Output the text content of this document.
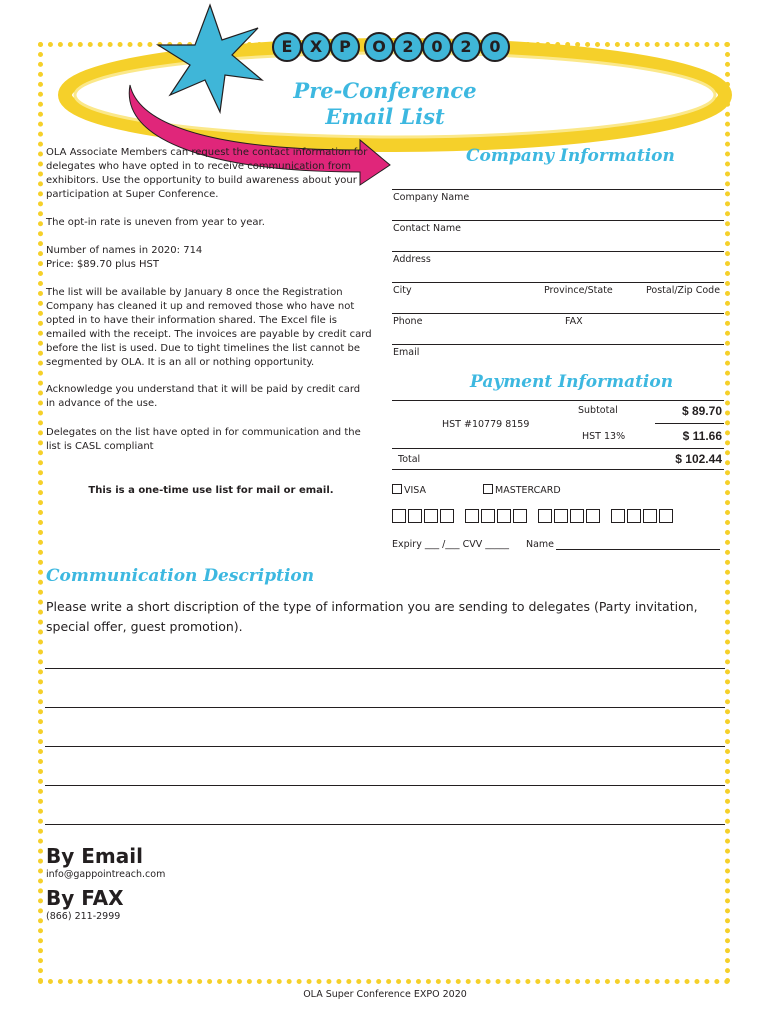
E	X	P	O	2	0	2	0
Pre-Conference
Email List
OLA Associate Members can request the contact information for delegates who have opted in to receive communication from exhibitors. Use the opportunity to build awareness about your participation at Super Conference.
The opt-in rate is uneven from year to year.
Number of names in 2020: 714
Price: $89.70 plus HST
The list will be available by January 8 once the Registration Company has cleaned it up and removed those who have not opted in to have their information shared. The Excel file is emailed with the receipt. The invoices are payable by credit card before the list is used. Due to tight timelines the list cannot be segmented by OLA. It is an all or nothing opportunity.
Acknowledge you understand that it will be paid by credit card in advance of the use.
Delegates on the list have opted in for communication and the list is CASL compliant
This is a one-time use list for mail or email.
Company Information
Company Name
Contact Name
Address
City	Province/State	Postal/Zip Code
Phone	FAX
Email
Payment Information
HST #10779 8159
Subtotal	$ 89.70
HST 13%	$ 11.66
Total	$ 102.44
VISA	MASTERCARD
Expiry ___ /___ CVV _____ Name
Communication Description
Please write a short discription of the type of information you are sending to delegates (Party invitation, special offer, guest promotion).
By Email
info@gappointreach.com
By FAX
(866) 211-2999
OLA Super Conference EXPO 2020
